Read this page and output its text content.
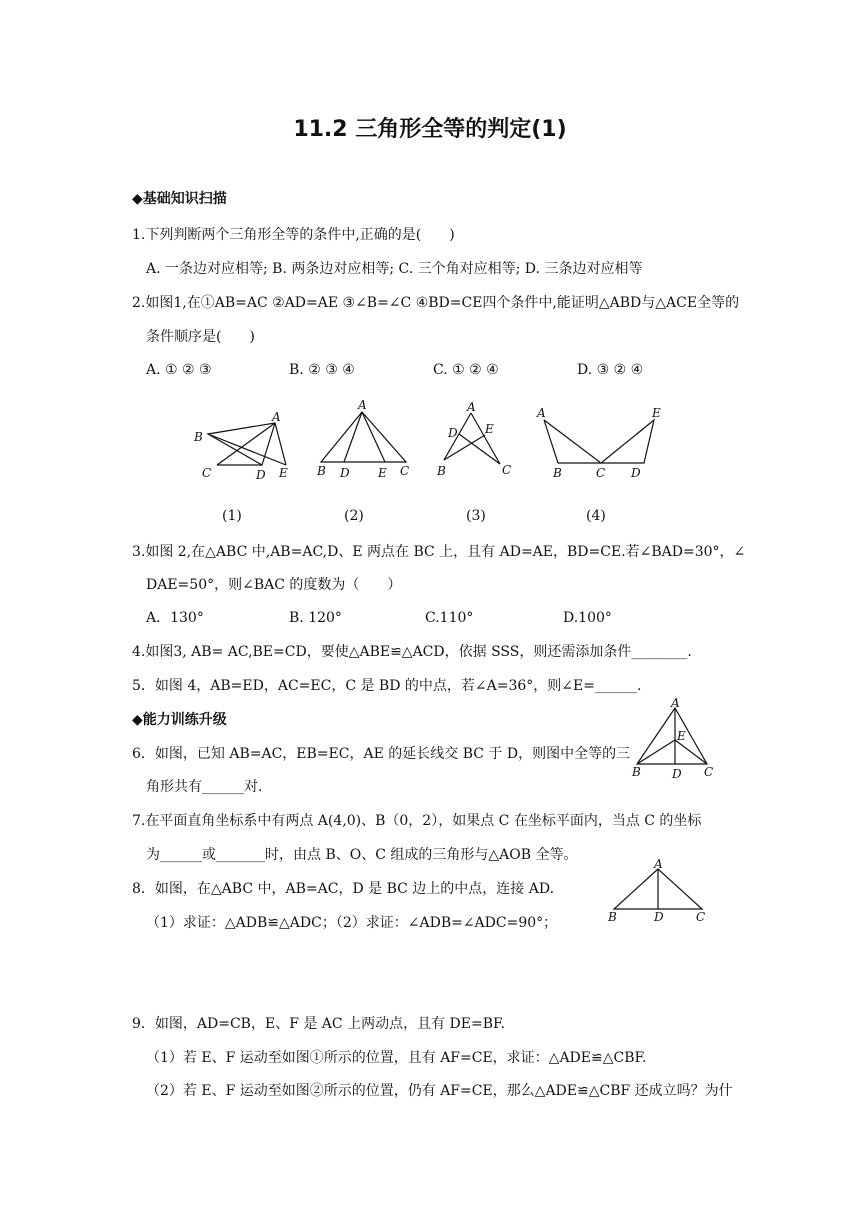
11.2 三角形全等的判定(1)
◆基础知识扫描
1.下列判断两个三角形全等的条件中,正确的是(　　)
A. 一条边对应相等; B. 两条边对应相等; C. 三个角对应相等; D. 三条边对应相等
2.如图1,在①AB=AC ②AD=AE ③∠B=∠C ④BD=CE四个条件中,能证明△ABD与△ACE全等的
条件顺序是(　　)
A. ① ② ③	B. ② ③ ④	C. ① ② ④	D. ③ ② ④
A
B
C	D E
A
B D E C
A
D E
B	C
A	E
B	C D
(1)	(2)	(3)	(4)
3.如图 2,在△ABC 中,AB=AC,D、E 两点在 BC 上，且有 AD=AE，BD=CE.若∠BAD=30°，∠
DAE=50°，则∠BAC 的度数为（　　）
A．130°	B. 120°	C.110°	D.100°
4.如图3, AB= AC,BE=CD，要使△ABE≌△ACD，依据 SSS，则还需添加条件________.
5．如图 4，AB=ED，AC=EC，C 是 BD 的中点，若∠A=36°，则∠E=______.
◆能力训练升级
6．如图，已知 AB=AC，EB=EC，AE 的延长线交 BC 于 D，则图中全等的三
角形共有______对.
A
E
B	D C
7.在平面直角坐标系中有两点 A(4,0)、B（0，2），如果点 C 在坐标平面内，当点 C 的坐标
为______或_______时，由点 B、O、C 组成的三角形与△AOB 全等。
8．如图，在△ABC 中，AB=AC，D 是 BC 边上的中点，连接 AD.
（1）求证：△ADB≌△ADC；（2）求证：∠ADB=∠ADC=90°；
A
B	D	C
9．如图，AD=CB，E、F 是 AC 上两动点，且有 DE=BF.
（1）若 E、F 运动至如图①所示的位置，且有 AF=CE，求证：△ADE≌△CBF.
（2）若 E、F 运动至如图②所示的位置，仍有 AF=CE，那么△ADE≌△CBF 还成立吗？为什
